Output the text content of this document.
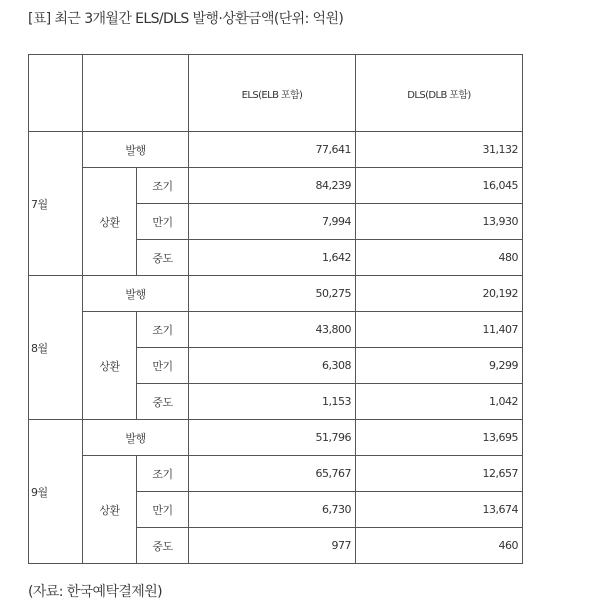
[표] 최근 3개월간 ELS/DLS 발행·상환금액(단위: 억원)
			ELS(ELB 포함)	DLS(DLB 포함)
7월	발행		77,641	31,132
	상환	조기	84,239	16,045
		만기	7,994	13,930
		중도	1,642	480
8월	발행		50,275	20,192
	상환	조기	43,800	11,407
		만기	6,308	9,299
		중도	1,153	1,042
9월	발행		51,796	13,695
	상환	조기	65,767	12,657
		만기	6,730	13,674
		중도	977	460
(자료: 한국예탁결제원)
